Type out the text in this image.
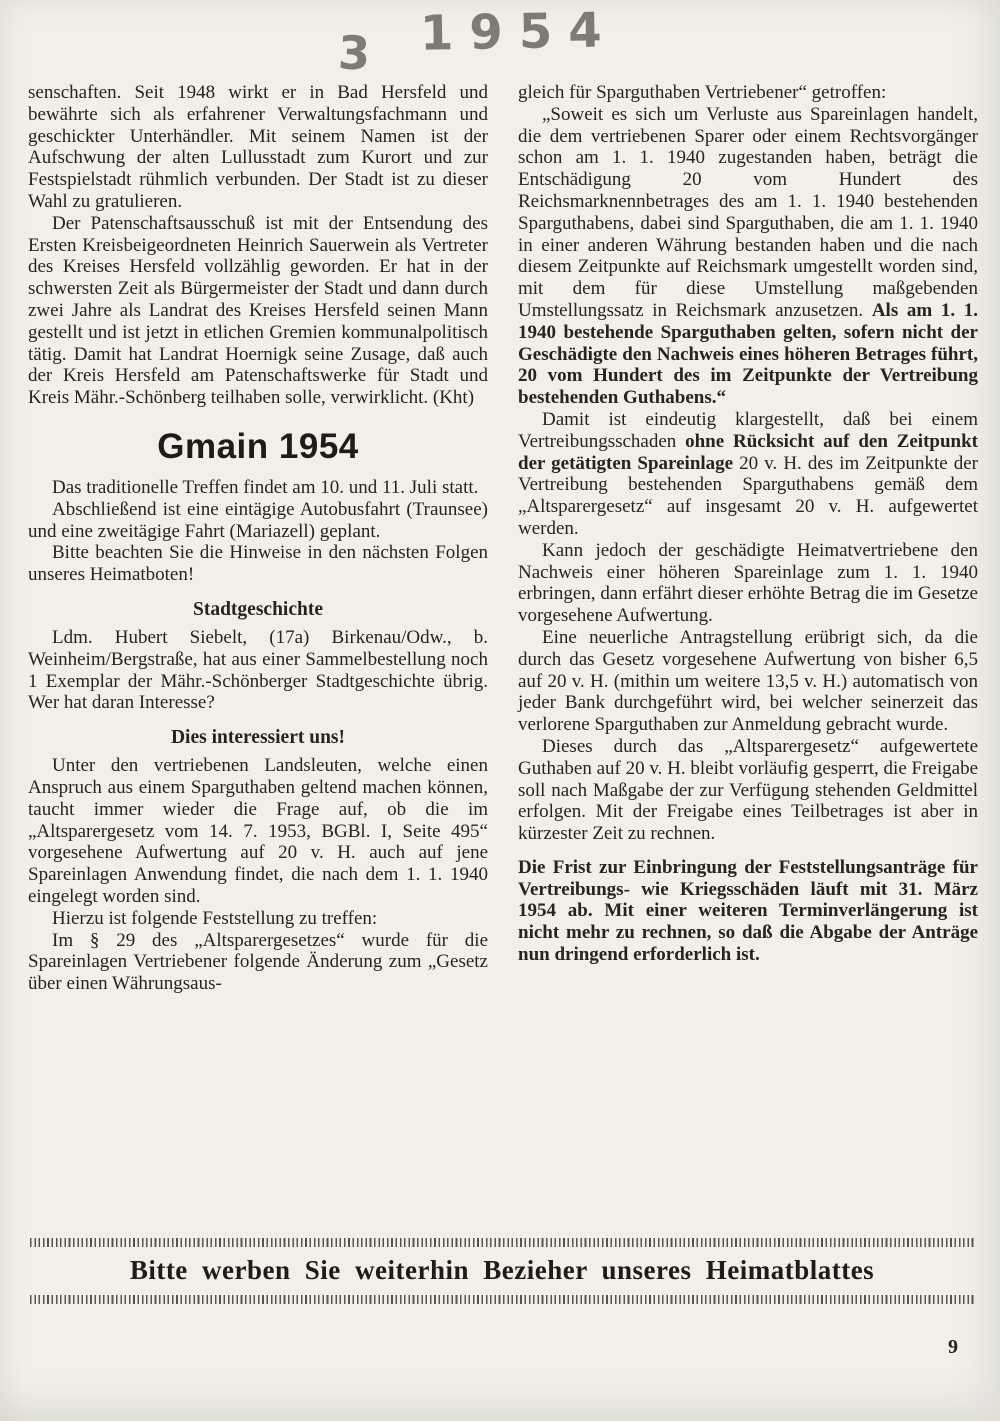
3 1954

senschaften. Seit 1948 wirkt er in Bad Hersfeld und bewährte sich als erfahrener Verwaltungsfachmann und geschickter Unterhändler. Mit seinem Namen ist der Aufschwung der alten Lullusstadt zum Kurort und zur Festspielstadt rühmlich verbunden. Der Stadt ist zu dieser Wahl zu gratulieren.

Der Patenschaftsausschuß ist mit der Entsendung des Ersten Kreisbeigeordneten Heinrich Sauerwein als Vertreter des Kreises Hersfeld vollzählig geworden. Er hat in der schwersten Zeit als Bürgermeister der Stadt und dann durch zwei Jahre als Landrat des Kreises Hersfeld seinen Mann gestellt und ist jetzt in etlichen Gremien kommunalpolitisch tätig. Damit hat Landrat Hoernigk seine Zusage, daß auch der Kreis Hersfeld am Patenschaftswerke für Stadt und Kreis Mähr.-Schönberg teilhaben solle, verwirklicht. (Kht)

Gmain 1954

Das traditionelle Treffen findet am 10. und 11. Juli statt.

Abschließend ist eine eintägige Autobusfahrt (Traunsee) und eine zweitägige Fahrt (Mariazell) geplant.

Bitte beachten Sie die Hinweise in den nächsten Folgen unseres Heimatboten!

Stadtgeschichte

Ldm. Hubert Siebelt, (17a) Birkenau/Odw., b. Weinheim/Bergstraße, hat aus einer Sammelbestellung noch 1 Exemplar der Mähr.-Schönberger Stadtgeschichte übrig. Wer hat daran Interesse?

Dies interessiert uns!

Unter den vertriebenen Landsleuten, welche einen Anspruch aus einem Sparguthaben geltend machen können, taucht immer wieder die Frage auf, ob die im „Altsparergesetz vom 14. 7. 1953, BGBl. I, Seite 495“ vorgesehene Aufwertung auf 20 v. H. auch auf jene Spareinlagen Anwendung findet, die nach dem 1. 1. 1940 eingelegt worden sind.

Hierzu ist folgende Feststellung zu treffen:

Im § 29 des „Altsparergesetzes“ wurde für die Spareinlagen Vertriebener folgende Änderung zum „Gesetz über einen Währungsaus-

gleich für Sparguthaben Vertriebener“ getroffen:

„Soweit es sich um Verluste aus Spareinlagen handelt, die dem vertriebenen Sparer oder einem Rechtsvorgänger schon am 1. 1. 1940 zugestanden haben, beträgt die Entschädigung 20 vom Hundert des Reichsmarknennbetrages des am 1. 1. 1940 bestehenden Sparguthabens, dabei sind Sparguthaben, die am 1. 1. 1940 in einer anderen Währung bestanden haben und die nach diesem Zeitpunkte auf Reichsmark umgestellt worden sind, mit dem für diese Umstellung maßgebenden Umstellungssatz in Reichsmark anzusetzen. Als am 1. 1. 1940 bestehende Sparguthaben gelten, sofern nicht der Geschädigte den Nachweis eines höheren Betrages führt, 20 vom Hundert des im Zeitpunkte der Vertreibung bestehenden Guthabens.“

Damit ist eindeutig klargestellt, daß bei einem Vertreibungsschaden ohne Rücksicht auf den Zeitpunkt der getätigten Spareinlage 20 v. H. des im Zeitpunkte der Vertreibung bestehenden Sparguthabens gemäß dem „Altsparergesetz“ auf insgesamt 20 v. H. aufgewertet werden.

Kann jedoch der geschädigte Heimatvertriebene den Nachweis einer höheren Spareinlage zum 1. 1. 1940 erbringen, dann erfährt dieser erhöhte Betrag die im Gesetze vorgesehene Aufwertung.

Eine neuerliche Antragstellung erübrigt sich, da die durch das Gesetz vorgesehene Aufwertung von bisher 6,5 auf 20 v. H. (mithin um weitere 13,5 v. H.) automatisch von jeder Bank durchgeführt wird, bei welcher seinerzeit das verlorene Sparguthaben zur Anmeldung gebracht wurde.

Dieses durch das „Altsparergesetz“ aufgewertete Guthaben auf 20 v. H. bleibt vorläufig gesperrt, die Freigabe soll nach Maßgabe der zur Verfügung stehenden Geldmittel erfolgen. Mit der Freigabe eines Teilbetrages ist aber in kürzester Zeit zu rechnen.

Die Frist zur Einbringung der Feststellungsanträge für Vertreibungs- wie Kriegsschäden läuft mit 31. März 1954 ab. Mit einer weiteren Terminverlängerung ist nicht mehr zu rechnen, so daß die Abgabe der Anträge nun dringend erforderlich ist.

Bitte werben Sie weiterhin Bezieher unseres Heimatblattes
9
